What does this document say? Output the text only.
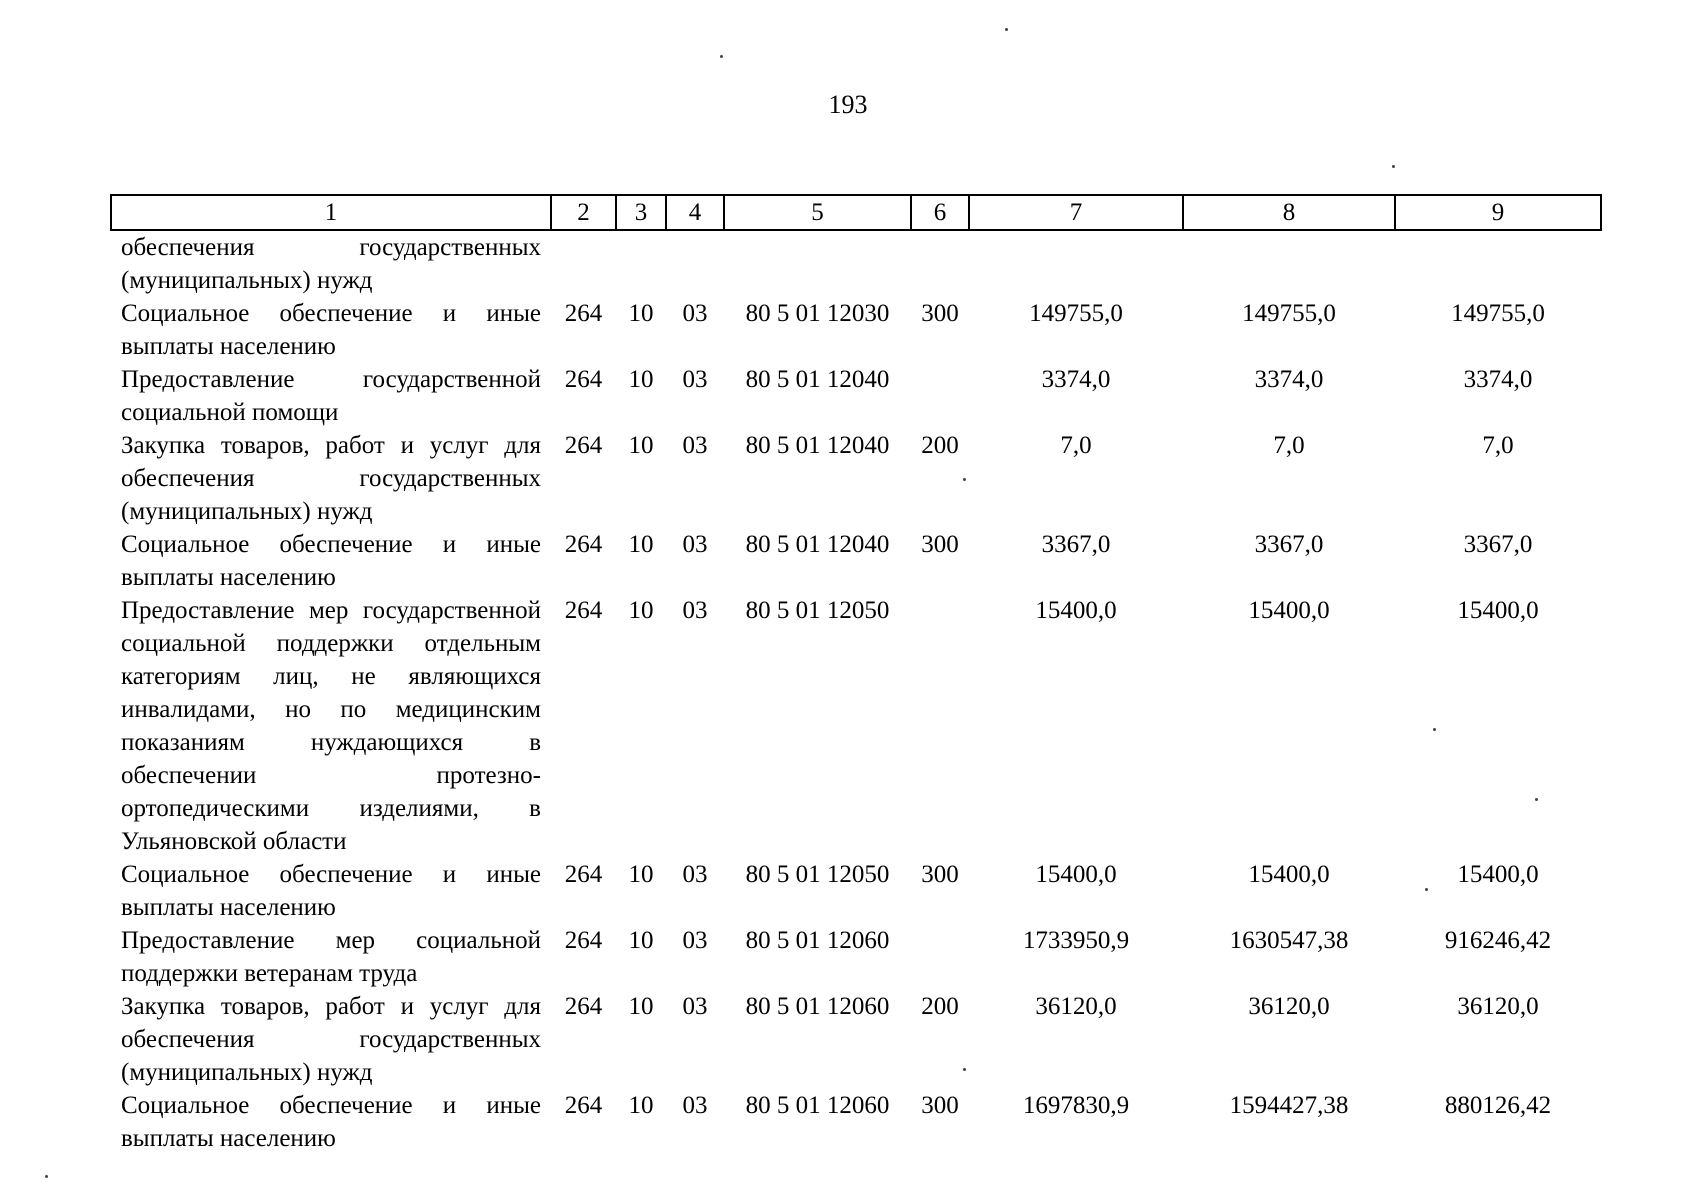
193
1	2	3	4	5	6	7	8	9
обеспечения государственных (муниципальных) нужд								
Социальное обеспечение и иные выплаты населению	264	10	03	80 5 01 12030	300	149755,0	149755,0	149755,0
Предоставление государственной социальной помощи	264	10	03	80 5 01 12040		3374,0	3374,0	3374,0
Закупка товаров, работ и услуг для обеспечения государственных (муниципальных) нужд	264	10	03	80 5 01 12040	200	7,0	7,0	7,0
Социальное обеспечение и иные выплаты населению	264	10	03	80 5 01 12040	300	3367,0	3367,0	3367,0
Предоставление мер государственной социальной поддержки отдельным категориям лиц, не являющихся инвалидами, но по медицинским показаниям нуждающихся в обеспечении протезно-ортопедическими изделиями, в Ульяновской области	264	10	03	80 5 01 12050		15400,0	15400,0	15400,0
Социальное обеспечение и иные выплаты населению	264	10	03	80 5 01 12050	300	15400,0	15400,0	15400,0
Предоставление мер социальной поддержки ветеранам труда	264	10	03	80 5 01 12060		1733950,9	1630547,38	916246,42
Закупка товаров, работ и услуг для обеспечения государственных (муниципальных) нужд	264	10	03	80 5 01 12060	200	36120,0	36120,0	36120,0
Социальное обеспечение и иные выплаты населению	264	10	03	80 5 01 12060	300	1697830,9	1594427,38	880126,42
